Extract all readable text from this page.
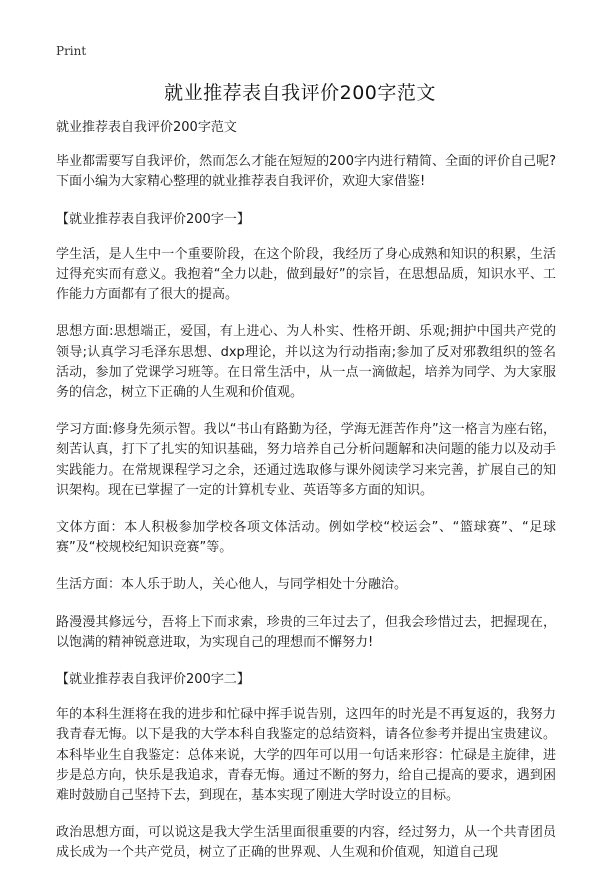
Print
就业推荐表自我评价200字范文

就业推荐表自我评价200字范文

毕业都需要写自我评价，然而怎么才能在短短的200字内进行精简、全面的评价自己呢?下面小编为大家精心整理的就业推荐表自我评价，欢迎大家借鉴!

【就业推荐表自我评价200字一】

学生活，是人生中一个重要阶段，在这个阶段，我经历了身心成熟和知识的积累，生活过得充实而有意义。我抱着“全力以赴，做到最好”的宗旨，在思想品质，知识水平、工作能力方面都有了很大的提高。

思想方面:思想端正，爱国，有上进心、为人朴实、性格开朗、乐观;拥护中国共产党的领导;认真学习毛泽东思想、dxp理论，并以这为行动指南;参加了反对邪教组织的签名活动，参加了党课学习班等。在日常生活中，从一点一滴做起，培养为同学、为大家服务的信念，树立下正确的人生观和价值观。

学习方面:修身先须示智。我以“书山有路勤为径，学海无涯苦作舟”这一格言为座右铭，刻苦认真，打下了扎实的知识基础，努力培养自己分析问题解和决问题的能力以及动手实践能力。在常规课程学习之余，还通过选取修与课外阅读学习来完善，扩展自己的知识架构。现在已掌握了一定的计算机专业、英语等多方面的知识。

文体方面：本人积极参加学校各项文体活动。例如学校“校运会”、“篮球赛”、“足球赛”及“校规校纪知识竞赛”等。

生活方面：本人乐于助人，关心他人，与同学相处十分融洽。

路漫漫其修远兮，吾将上下而求索，珍贵的三年过去了，但我会珍惜过去，把握现在，以饱满的精神锐意进取，为实现自己的理想而不懈努力!

【就业推荐表自我评价200字二】

年的本科生涯将在我的进步和忙碌中挥手说告别，这四年的时光是不再复返的，我努力我青春无悔。以下是我的大学本科自我鉴定的总结资料，请各位参考并提出宝贵建议。 本科毕业生自我鉴定：总体来说，大学的四年可以用一句话来形容：忙碌是主旋律，进步是总方向，快乐是我追求，青春无悔。通过不断的努力，给自己提高的要求，遇到困难时鼓励自己坚持下去，到现在，基本实现了刚进大学时设立的目标。

政治思想方面，可以说这是我大学生活里面很重要的内容，经过努力，从一个共青团员成长成为一个共产党员，树立了正确的世界观、人生观和价值观，知道自己现
